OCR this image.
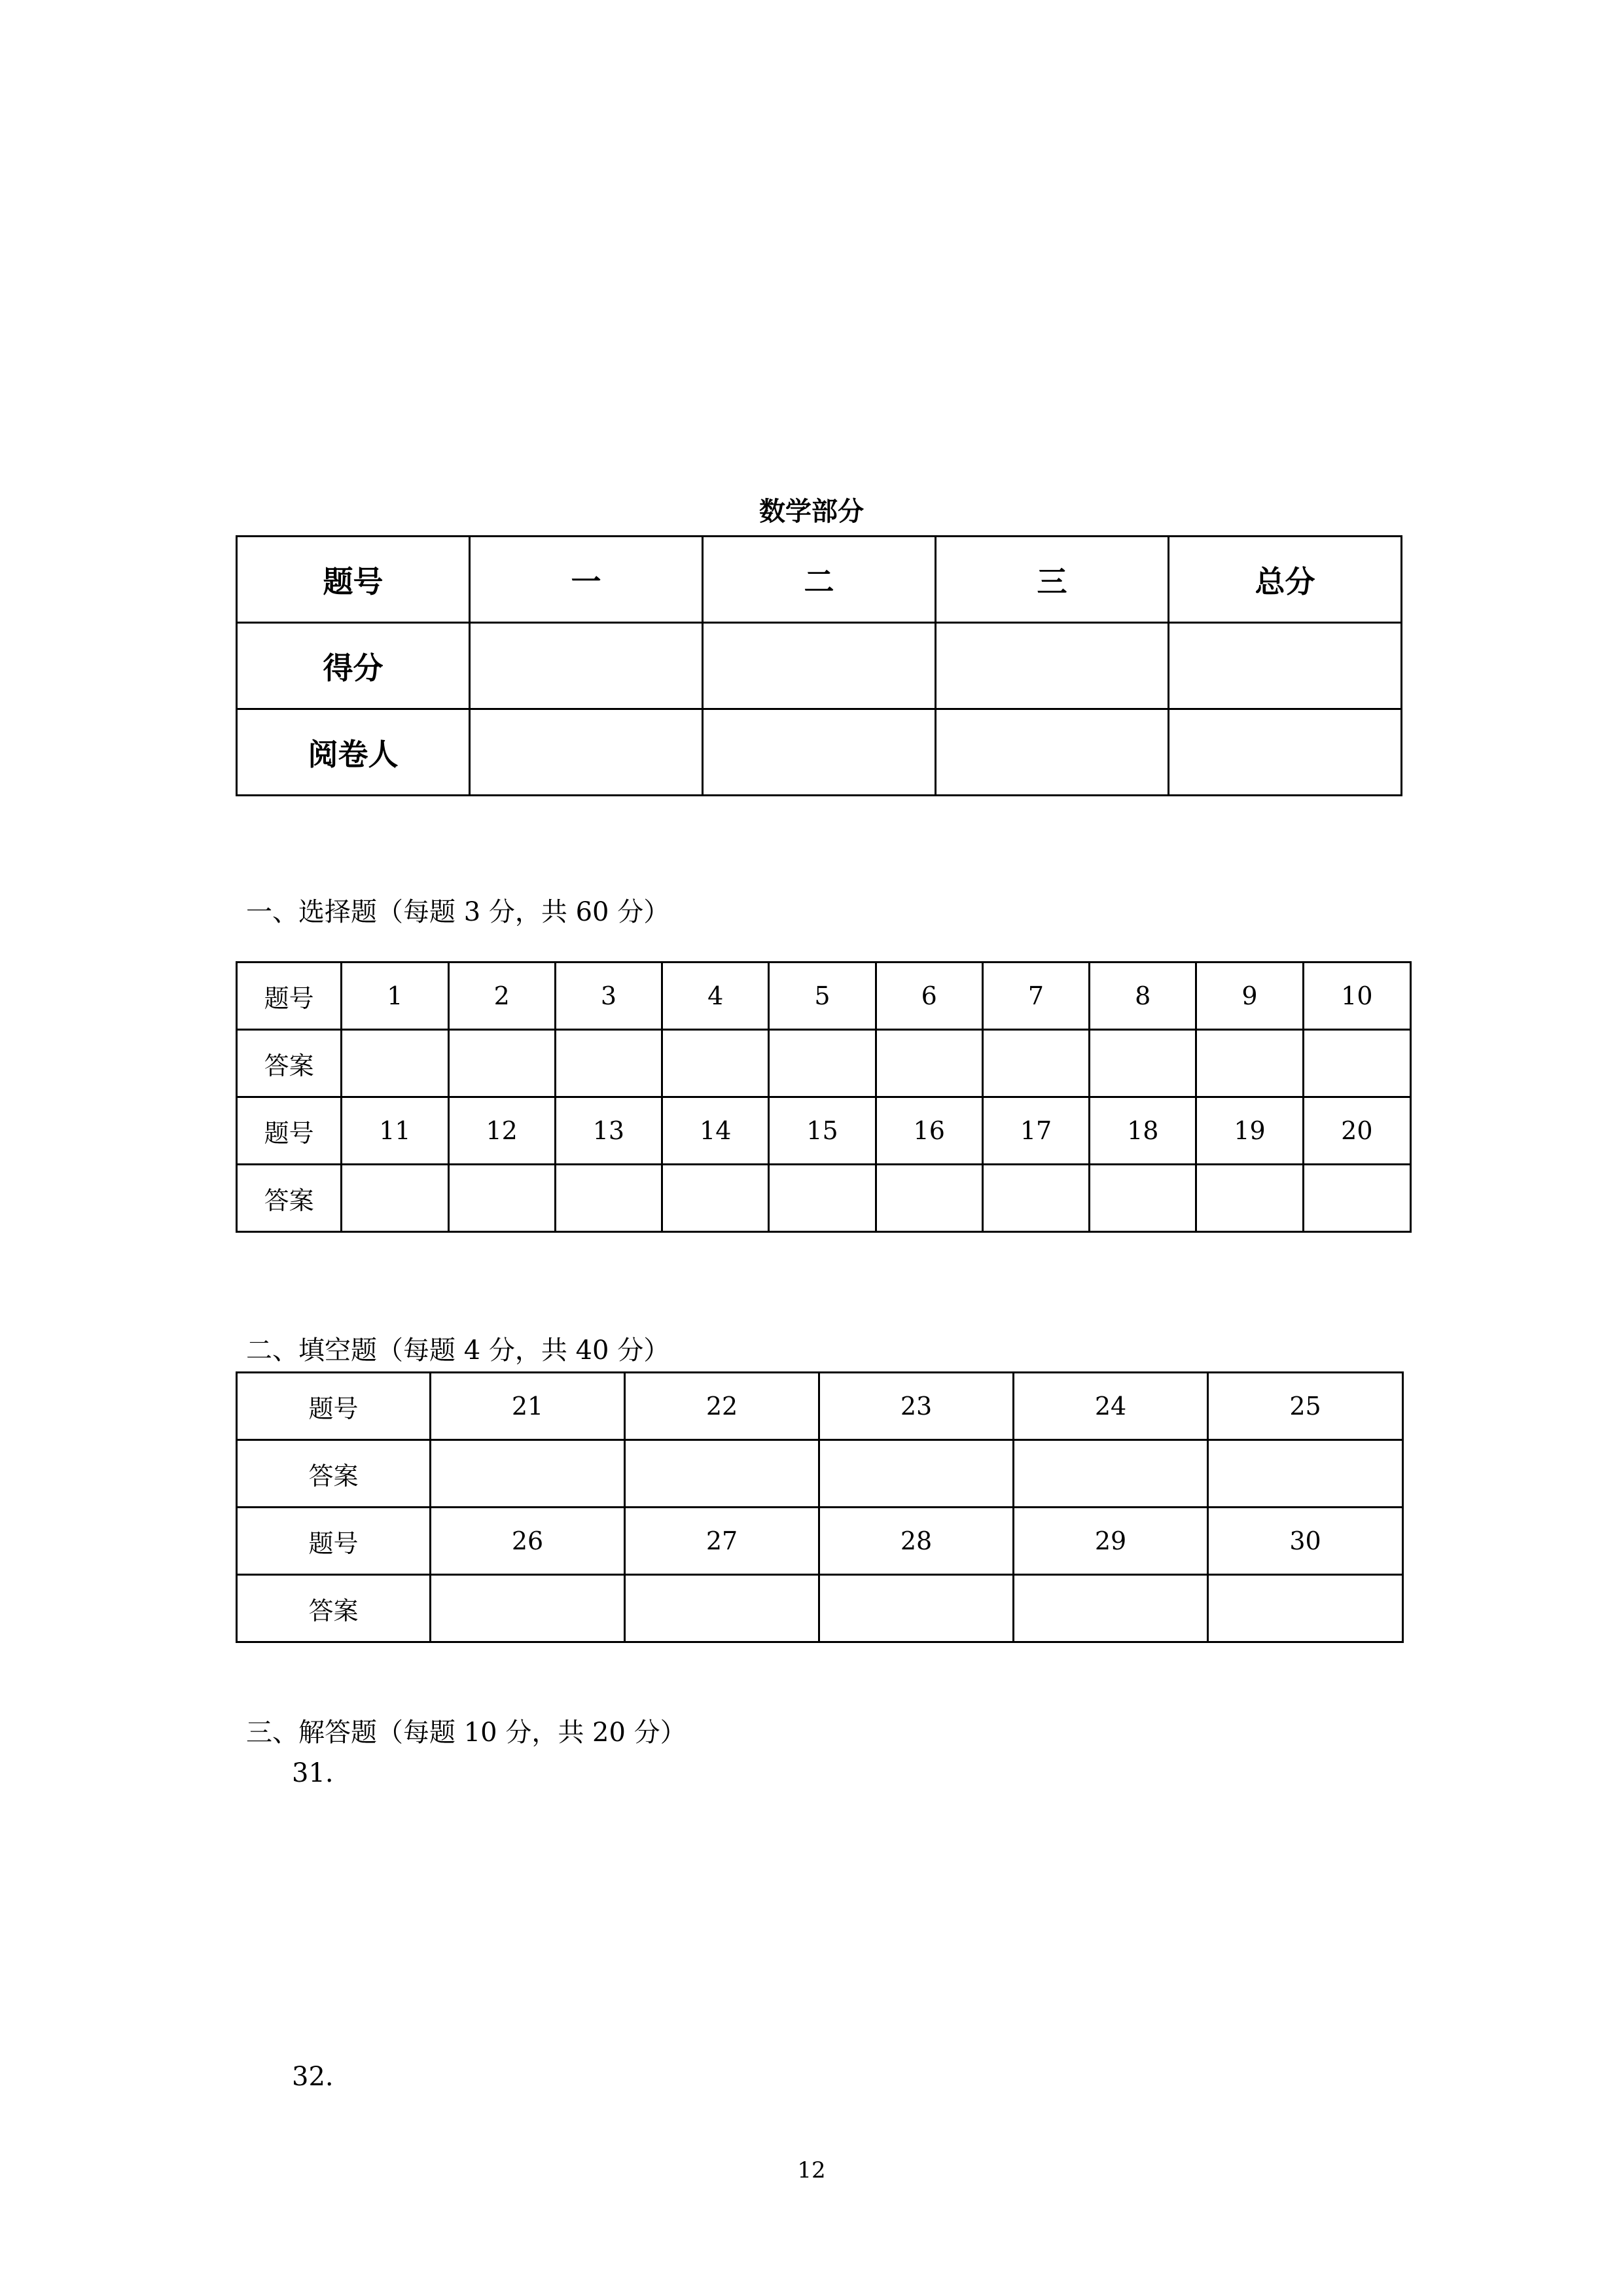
数学部分
题号	一	二	三	总分
得分				
阅卷人				
一、选择题（每题 3 分，共 60 分）
题号	1	2	3	4	5	6	7	8	9	10
答案										
题号	11	12	13	14	15	16	17	18	19	20
答案										
二、填空题（每题 4 分，共 40 分）
题号	21	22	23	24	25
答案					
题号	26	27	28	29	30
答案					
三、解答题（每题 10 分，共 20 分）
31.
32.
12
